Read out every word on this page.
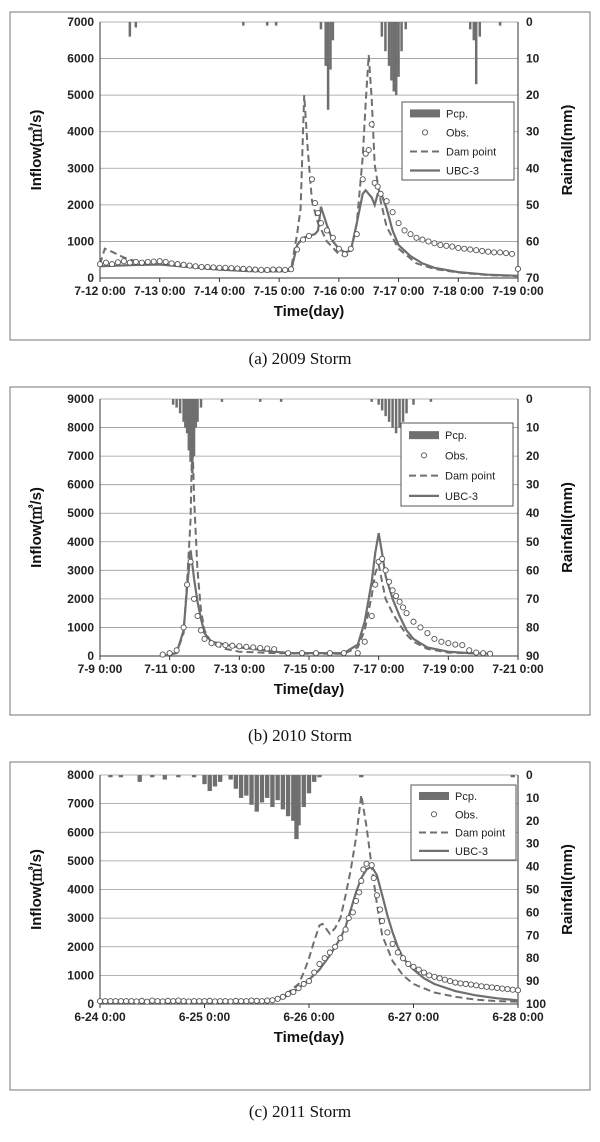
0
1000
2000
3000
4000
5000
6000
7000	0
10
20
30
40
50
60
70
7-12 0:00 7-13 0:00 7-14 0:00 7-15 0:00 7-16 0:00 7-17 0:00 7-18 0:00 7-19 0:00
Time(day)
Inflow(㎥/s)	Rainfall(mm)
Pcp.
Obs.
Dam point
UBC-3
(a) 2009 Storm
0
1000
2000
3000
4000
5000
6000
7000
8000
9000	0
10
20
30
40
50
60
70
80
90
7-9 0:00 7-11 0:00 7-13 0:00 7-15 0:00 7-17 0:00 7-19 0:00 7-21 0:00
Time(day)
Inflow(㎥/s)	Rainfall(mm)
Pcp.
Obs.
Dam point
UBC-3
(b) 2010 Storm
0
1000
2000
3000
4000
5000
6000
7000
8000	0
10
20
30
40
50
60
70
80
90
100
6-24 0:00	6-25 0:00	6-26 0:00	6-27 0:00	6-28 0:00
Time(day)
Inflow(㎥/s)	Rainfall(mm)
Pcp.
Obs.
Dam point
UBC-3
(c) 2011 Storm
